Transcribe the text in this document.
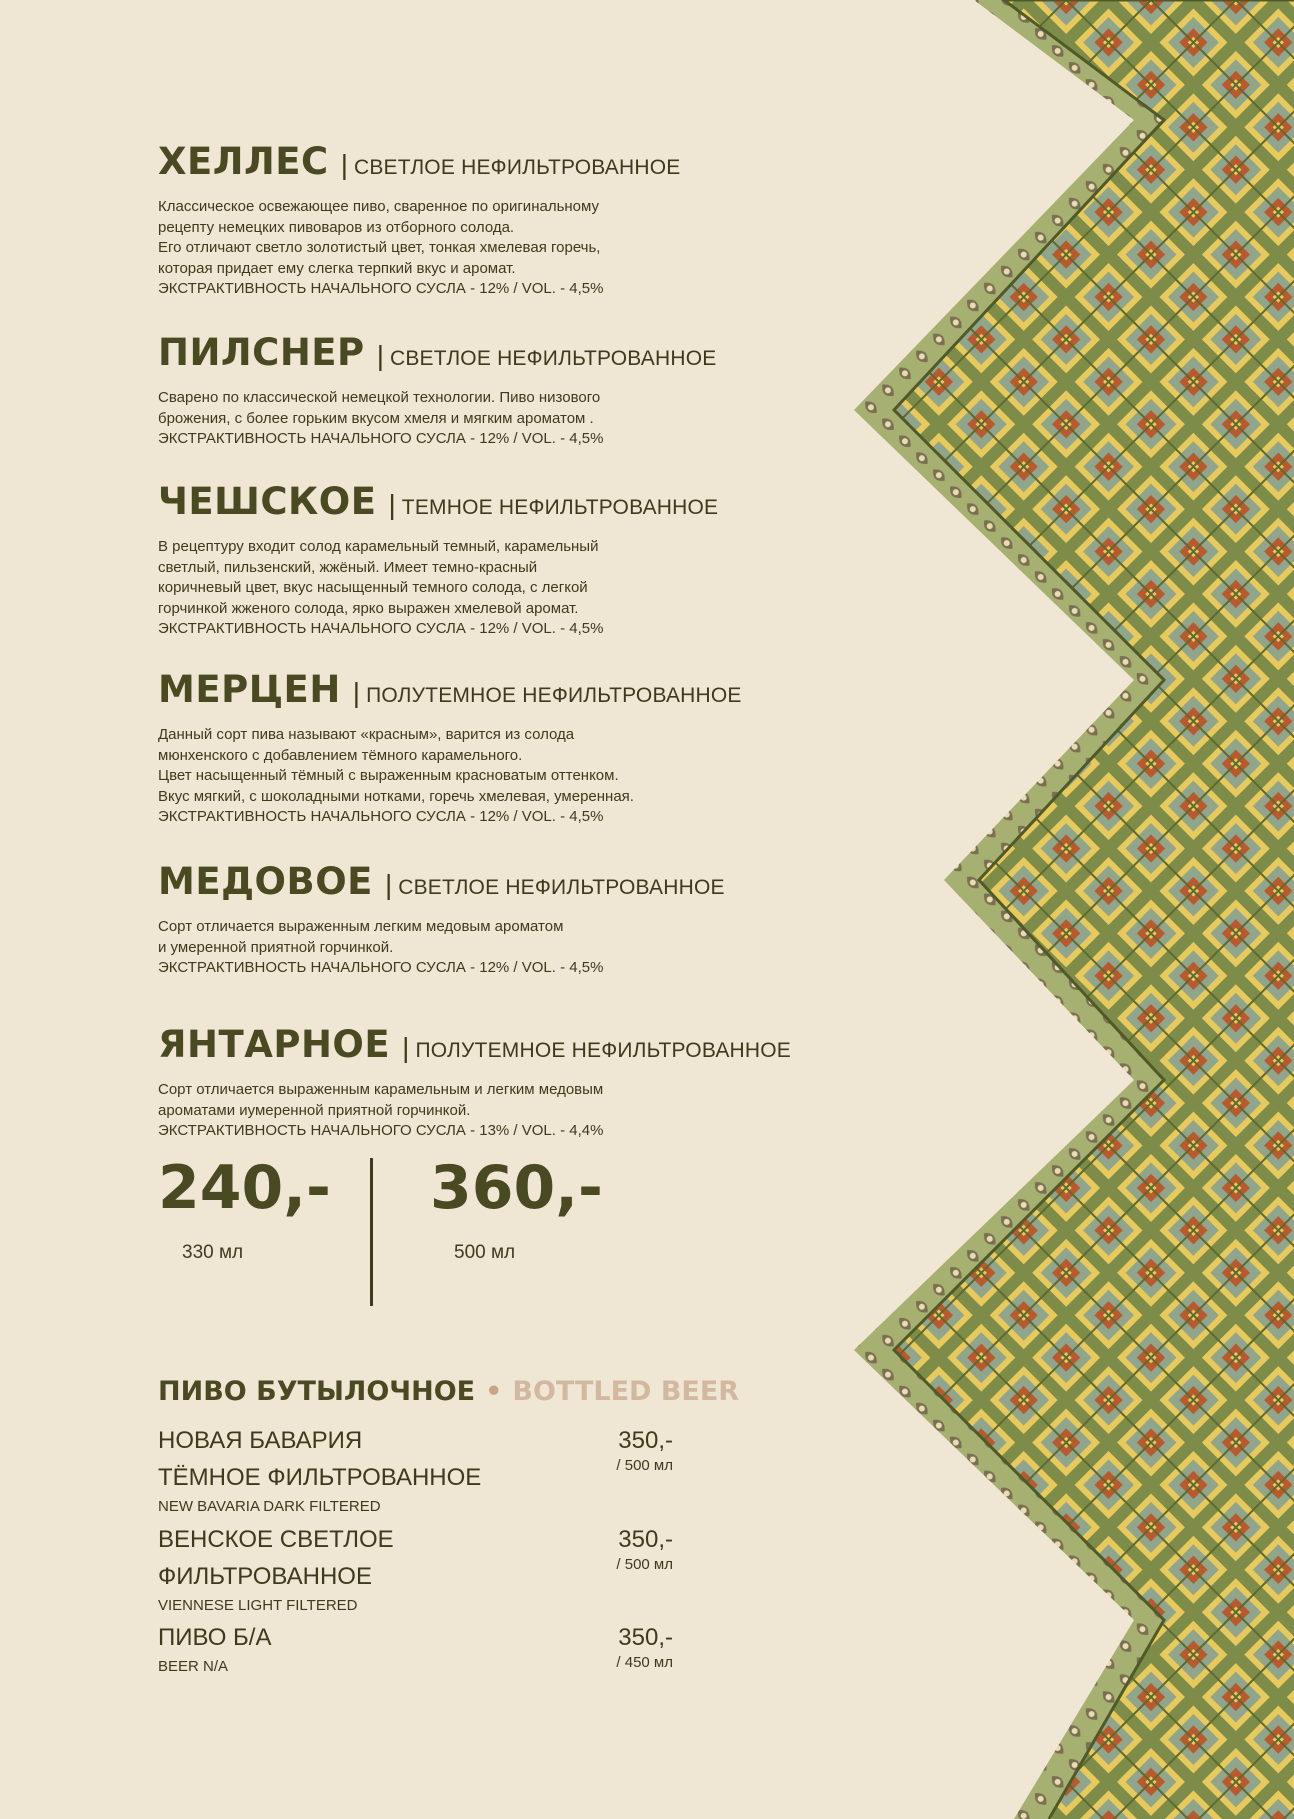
ХЕЛЛЕС | СВЕТЛОЕ НЕФИЛЬТРОВАННОЕ
Классическое освежающее пиво, сваренное по оригинальному
рецепту немецких пивоваров из отборного солода.
Его отличают светло золотистый цвет, тонкая хмелевая горечь,
которая придает ему слегка терпкий вкус и аромат.
ЭКСТРАКТИВНОСТЬ НАЧАЛЬНОГО СУСЛА - 12% / VOL. - 4,5%
ПИЛСНЕР | СВЕТЛОЕ НЕФИЛЬТРОВАННОЕ
Сварено по классической немецкой технологии. Пиво низового
брожения, с более горьким вкусом хмеля и мягким ароматом .
ЭКСТРАКТИВНОСТЬ НАЧАЛЬНОГО СУСЛА - 12% / VOL. - 4,5%
ЧЕШСКОЕ | ТЕМНОЕ НЕФИЛЬТРОВАННОЕ
В рецептуру входит солод карамельный темный, карамельный
светлый, пильзенский, жжёный. Имеет темно-красный
коричневый цвет, вкус насыщенный темного солода, с легкой
горчинкой жженого солода, ярко выражен хмелевой аромат.
ЭКСТРАКТИВНОСТЬ НАЧАЛЬНОГО СУСЛА - 12% / VOL. - 4,5%
МЕРЦЕН | ПОЛУТЕМНОЕ НЕФИЛЬТРОВАННОЕ
Данный сорт пива называют «красным», варится из солода
мюнхенского с добавлением тёмного карамельного.
Цвет насыщенный тёмный с выраженным красноватым оттенком.
Вкус мягкий, с шоколадными нотками, горечь хмелевая, умеренная.
ЭКСТРАКТИВНОСТЬ НАЧАЛЬНОГО СУСЛА - 12% / VOL. - 4,5%
МЕДОВОЕ | СВЕТЛОЕ НЕФИЛЬТРОВАННОЕ
Сорт отличается выраженным легким медовым ароматом
и умеренной приятной горчинкой.
ЭКСТРАКТИВНОСТЬ НАЧАЛЬНОГО СУСЛА - 12% / VOL. - 4,5%
ЯНТАРНОЕ | ПОЛУТЕМНОЕ НЕФИЛЬТРОВАННОЕ
Сорт отличается выраженным карамельным и легким медовым
ароматами иумеренной приятной горчинкой.
ЭКСТРАКТИВНОСТЬ НАЧАЛЬНОГО СУСЛА - 13% / VOL. - 4,4%
240,-
330 мл
360,-
500 мл
ПИВО БУТЫЛОЧНОЕ • BOTTLED BEER
НОВАЯ БАВАРИЯ
ТЁМНОЕ ФИЛЬТРОВАННОЕ
NEW BAVARIA DARK FILTERED
350,-
/ 500 мл
ВЕНСКОЕ СВЕТЛОЕ
ФИЛЬТРОВАННОЕ
VIENNESE LIGHT FILTERED
350,-
/ 500 мл
ПИВО Б/А
BEER N/A
350,-
/ 450 мл
